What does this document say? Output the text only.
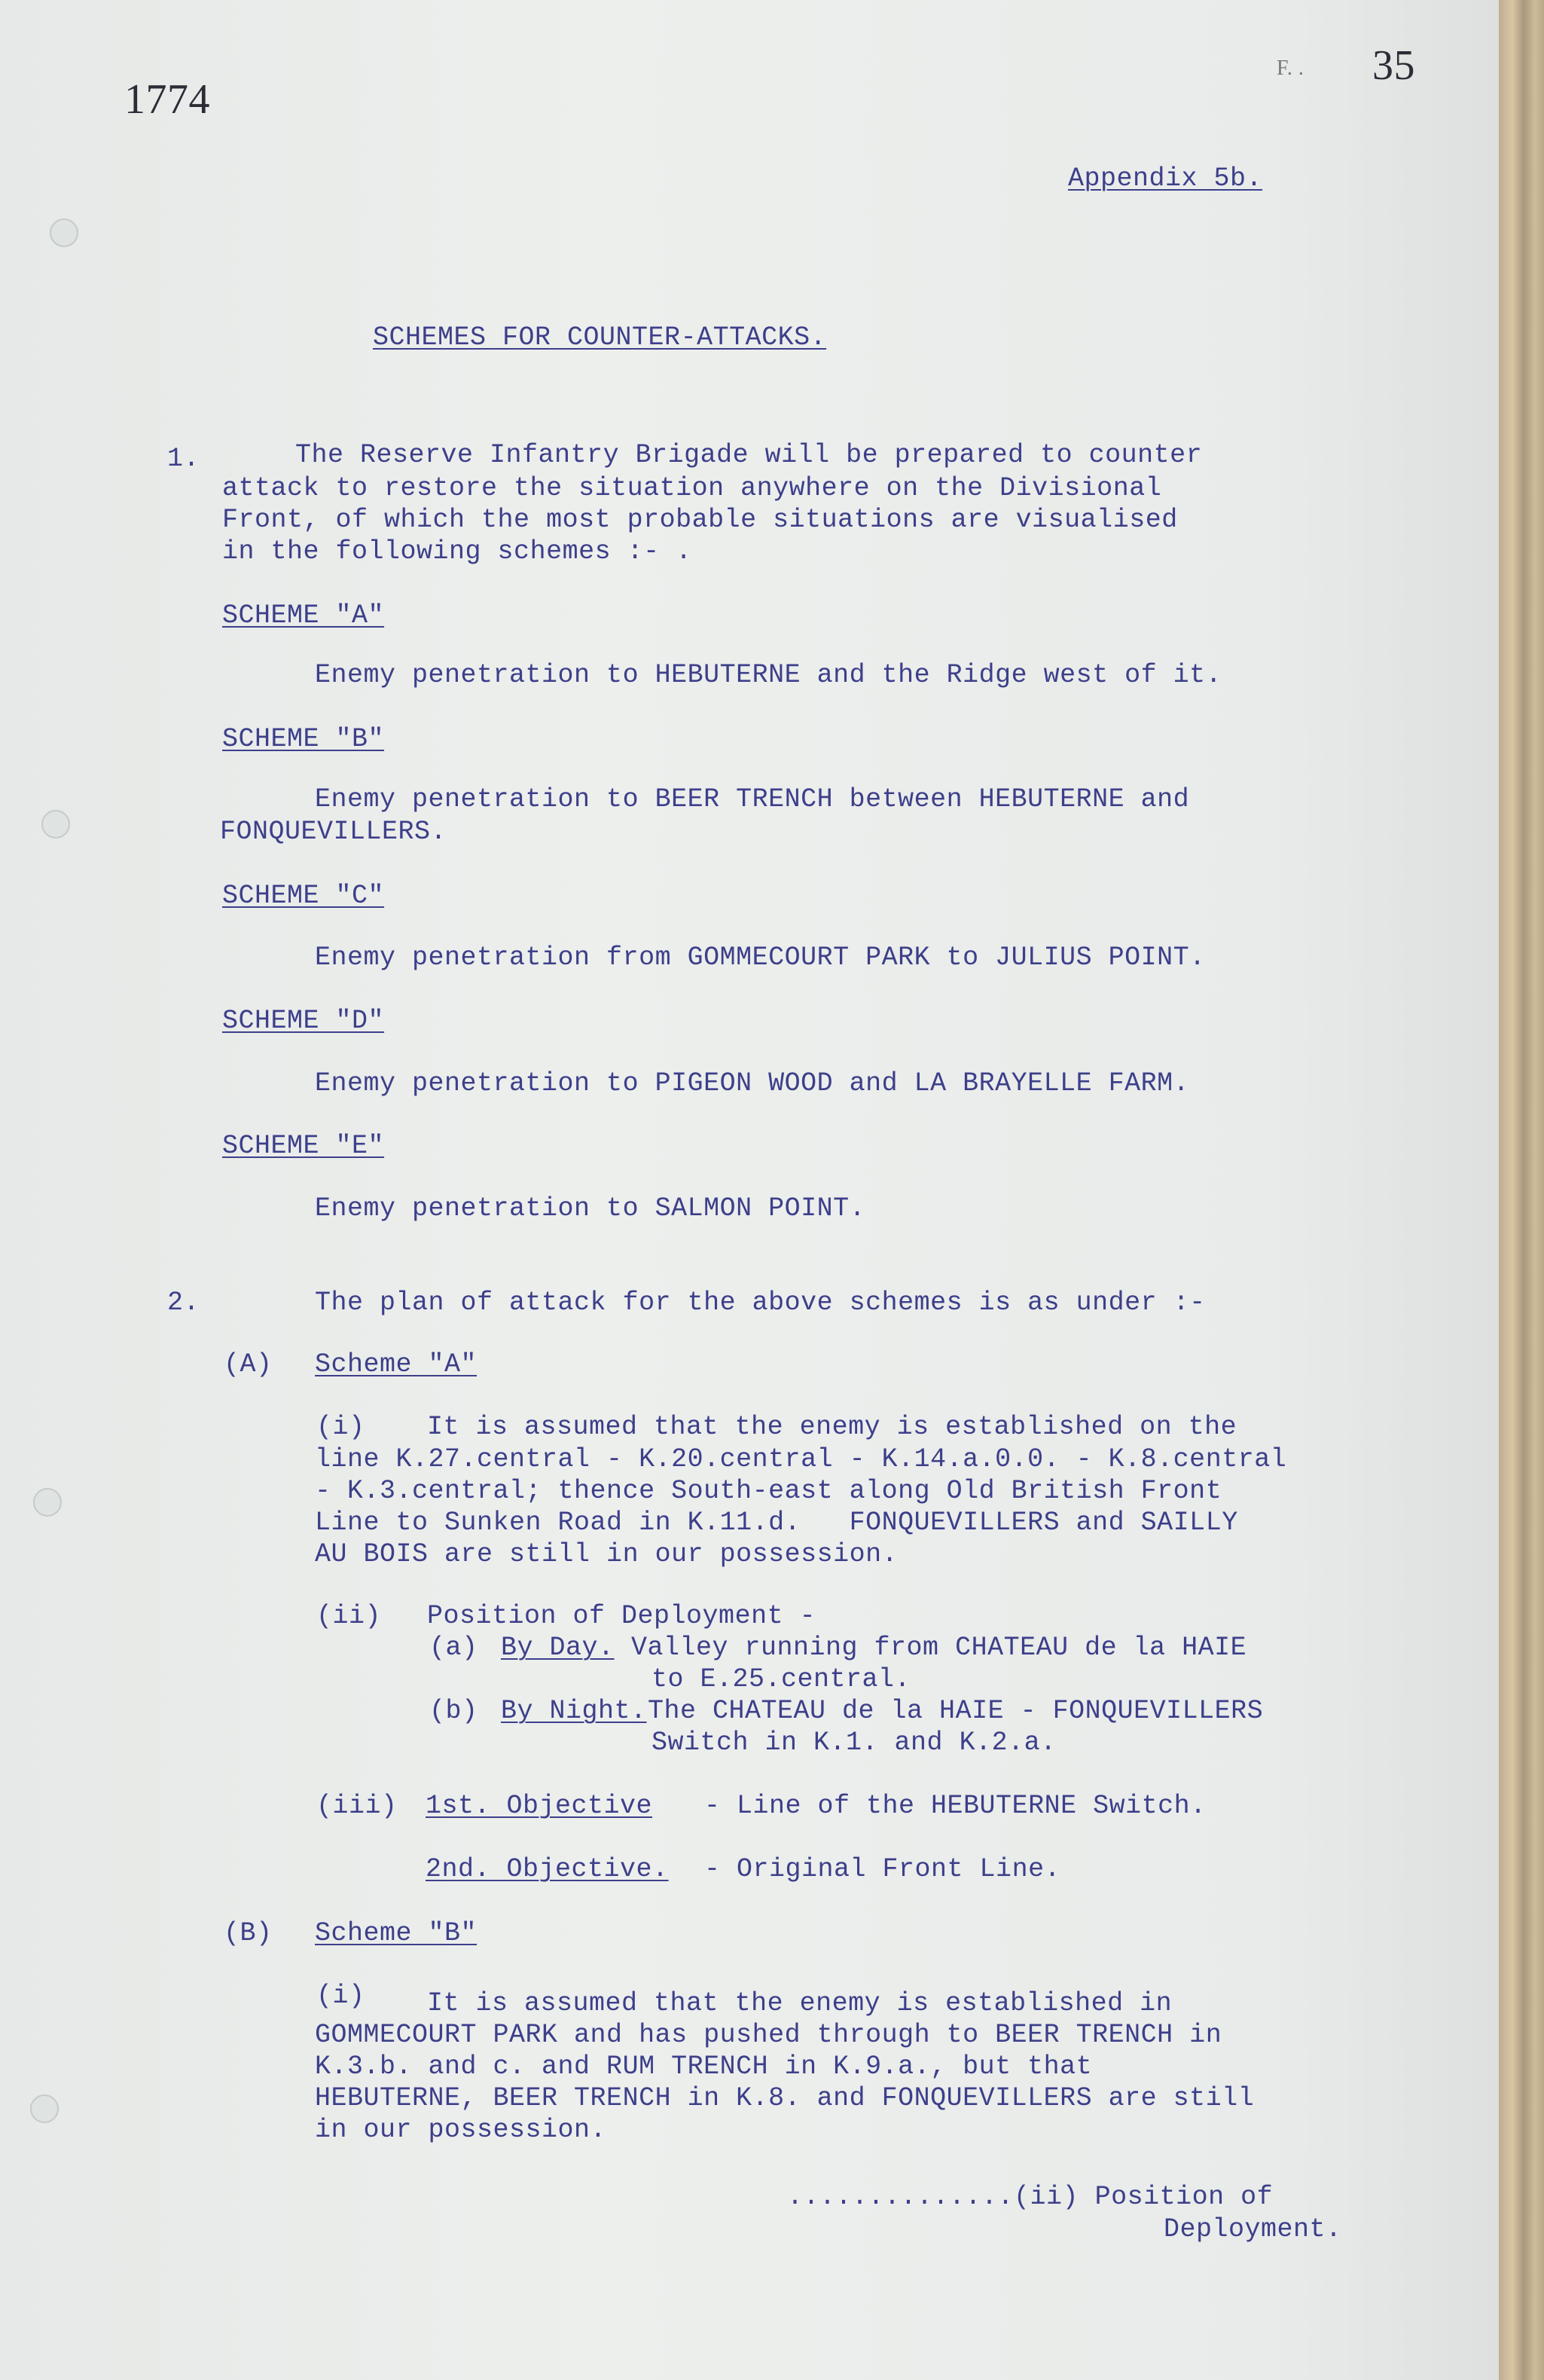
1774
F. . 35
Appendix 5b.
SCHEMES FOR COUNTER-ATTACKS.
1.	The Reserve Infantry Brigade will be prepared to counter
attack to restore the situation anywhere on the Divisional
Front, of which the most probable situations are visualised
in the following schemes :- .
SCHEME "A"
Enemy penetration to HEBUTERNE and the Ridge west of it.
SCHEME "B"
Enemy penetration to BEER TRENCH between HEBUTERNE and
FONQUEVILLERS.
SCHEME "C"
Enemy penetration from GOMMECOURT PARK to JULIUS POINT.
SCHEME "D"
Enemy penetration to PIGEON WOOD and LA BRAYELLE FARM.
SCHEME "E"
Enemy penetration to SALMON POINT.
2.	The plan of attack for the above schemes is as under :-
(A) Scheme "A"
(i) It is assumed that the enemy is established on the
line K.27.central - K.20.central - K.14.a.0.0. - K.8.central
- K.3.central; thence South-east along Old British Front
Line to Sunken Road in K.11.d.   FONQUEVILLERS and SAILLY
AU BOIS are still in our possession.
(ii) Position of Deployment -
(a) By Day. Valley running from CHATEAU de la HAIE
to E.25.central.
(b) By Night. The CHATEAU de la HAIE - FONQUEVILLERS
Switch in K.1. and K.2.a.
(iii) 1st. Objective - Line of the HEBUTERNE Switch.
2nd. Objective. - Original Front Line.
(B) Scheme "B"
(i) It is assumed that the enemy is established in
GOMMECOURT PARK and has pushed through to BEER TRENCH in
K.3.b. and c. and RUM TRENCH in K.9.a., but that
HEBUTERNE, BEER TRENCH in K.8. and FONQUEVILLERS are still
in our possession.
..............(ii) Position of
Deployment.
